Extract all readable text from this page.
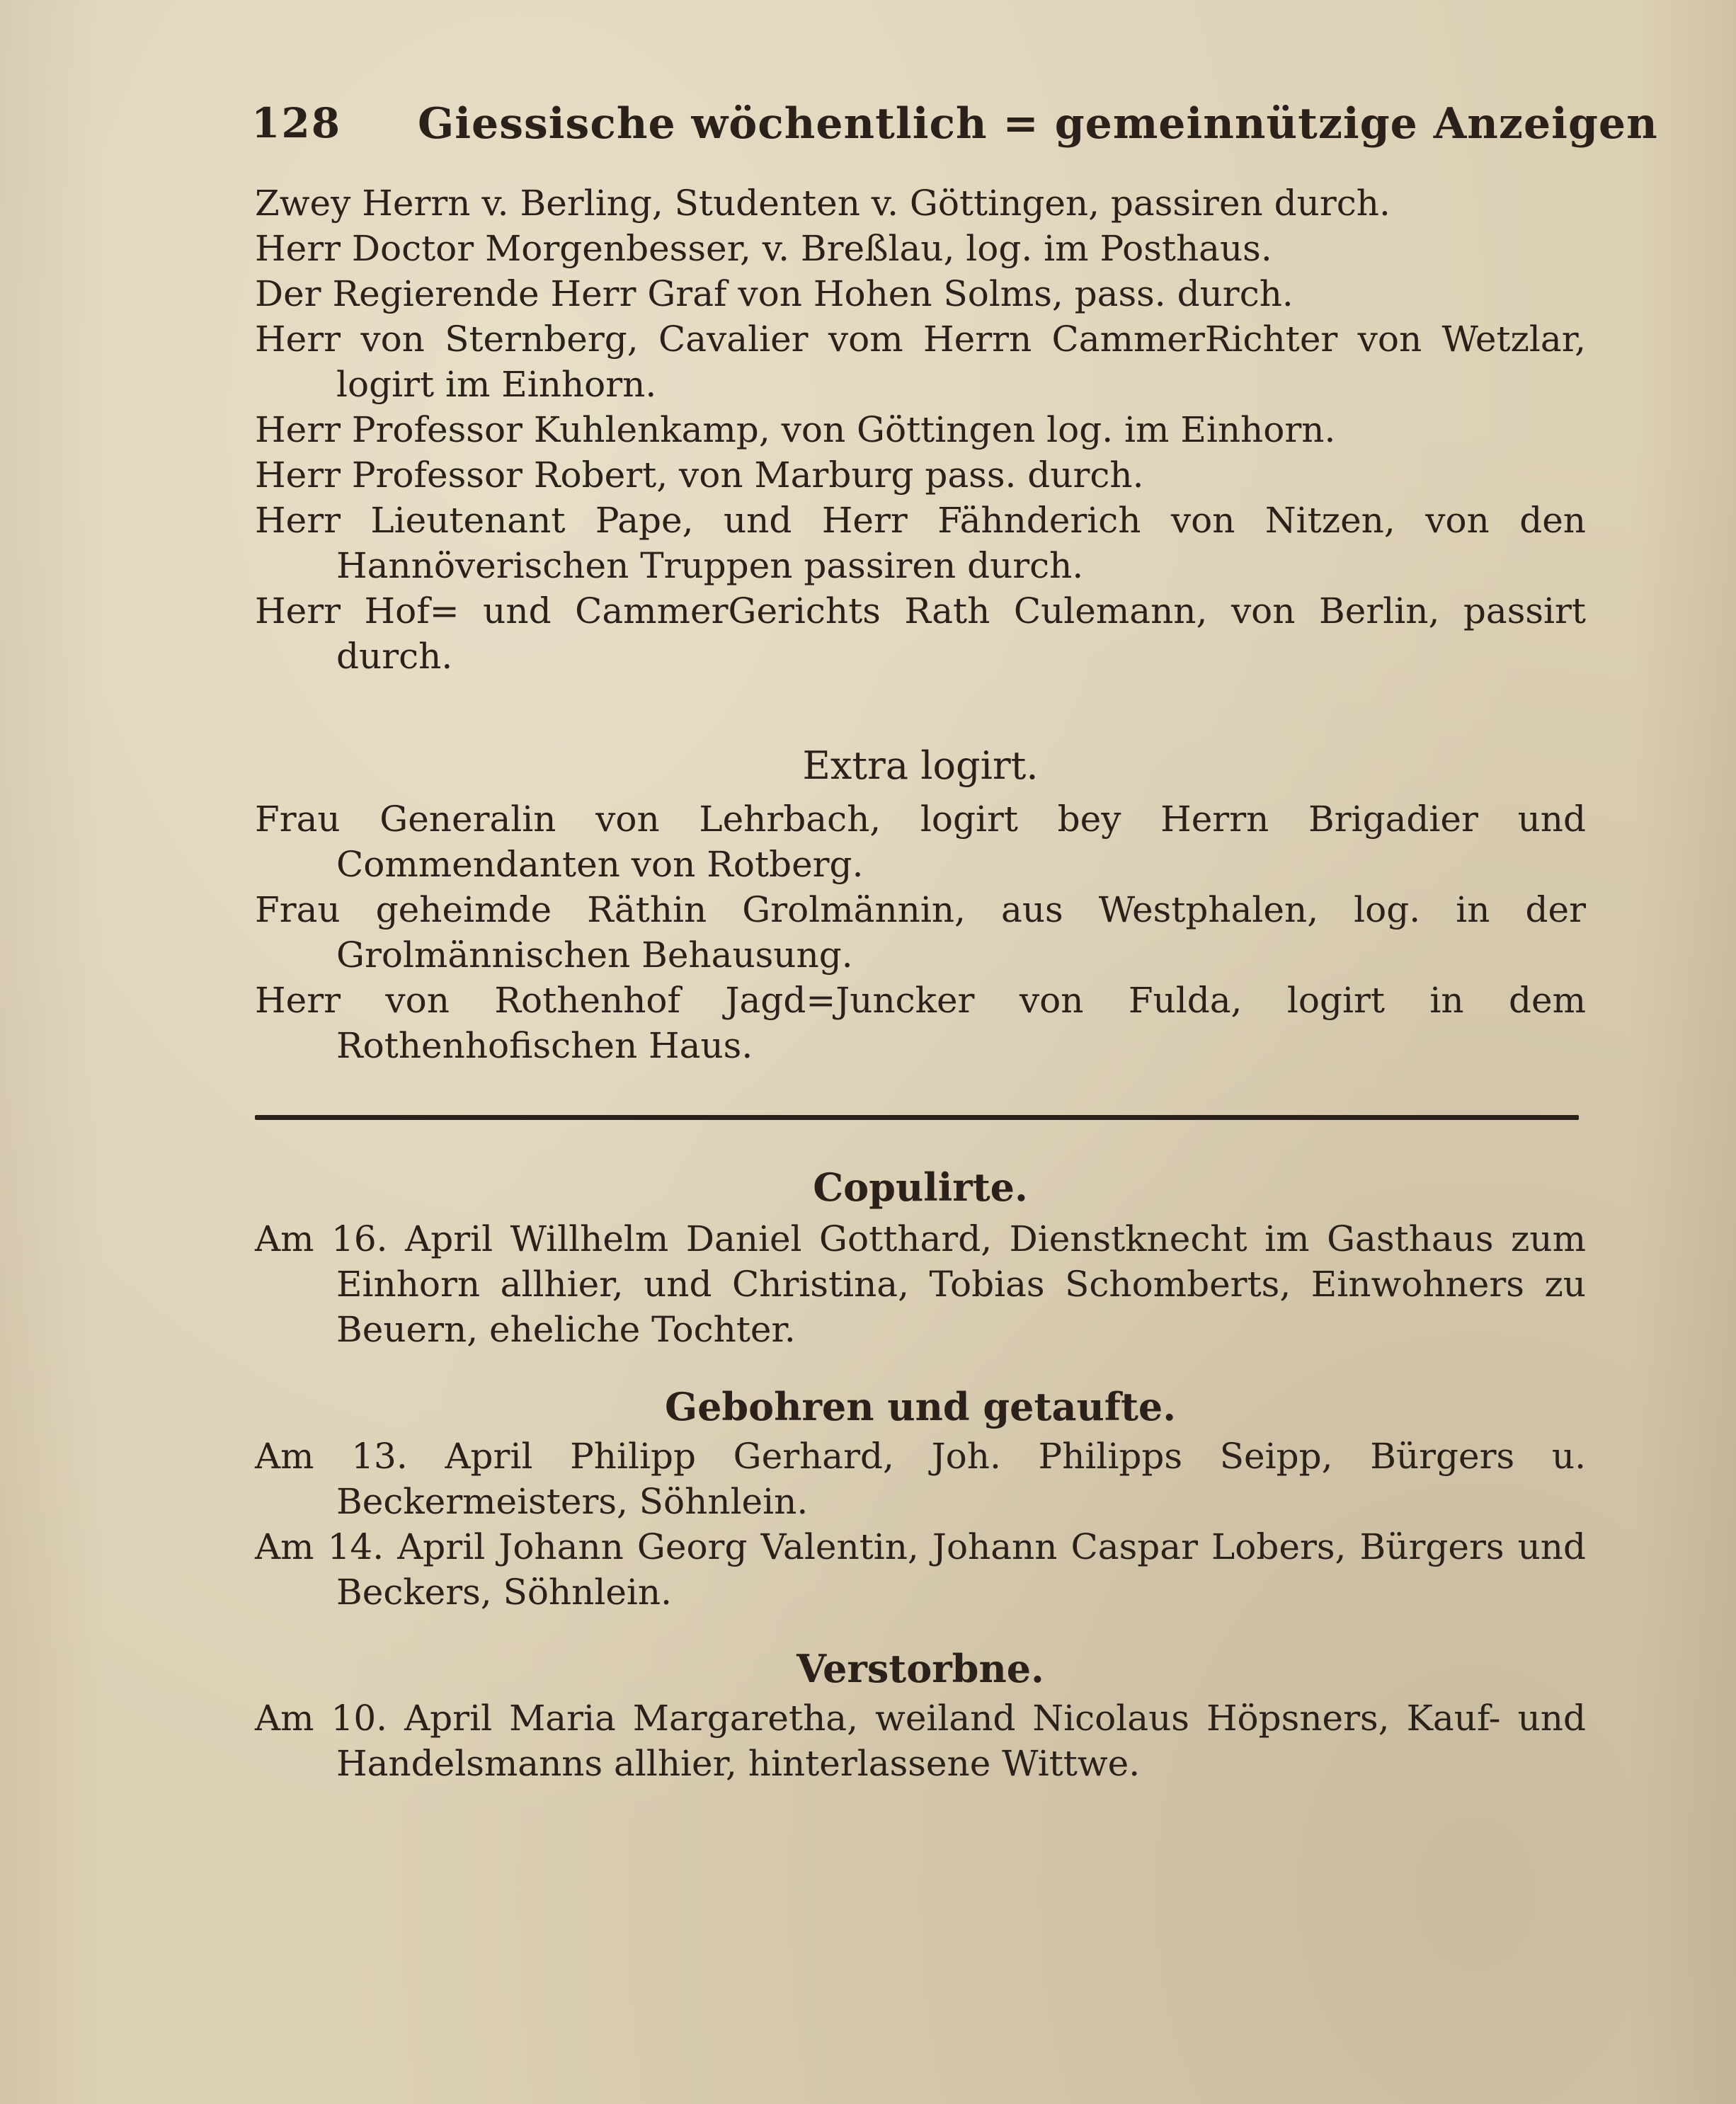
128 Giessische wöchentlich = gemeinnützige Anzeigen
Zwey Herrn v. Berling, Studenten v. Göttingen, passiren durch.
Herr Doctor Morgenbesser, v. Breßlau, log. im Posthaus.
Der Regierende Herr Graf von Hohen Solms, pass. durch.
Herr von Sternberg, Cavalier vom Herrn CammerRichter von Wetzlar, logirt im Einhorn.
Herr Professor Kuhlenkamp, von Göttingen log. im Einhorn.
Herr Professor Robert, von Marburg pass. durch.
Herr Lieutenant Pape, und Herr Fähnderich von Nitzen, von den Hannöverischen Truppen passiren durch.
Herr Hof= und CammerGerichts Rath Culemann, von Berlin, passirt durch.
Extra logirt.
Frau Generalin von Lehrbach, logirt bey Herrn Brigadier und Commendanten von Rotberg.
Frau geheimde Räthin Grolmännin, aus Westphalen, log. in der Grolmännischen Behausung.
Herr von Rothenhof Jagd=Juncker von Fulda, logirt in dem Rothenhofischen Haus.
Copulirte.
Am 16. April Willhelm Daniel Gotthard, Dienstknecht im Gasthaus zum Einhorn allhier, und Christina, Tobias Schomberts, Einwohners zu Beuern, eheliche Tochter.
Gebohren und getaufte.
Am 13. April Philipp Gerhard, Joh. Philipps Seipp, Bürgers u. Beckermeisters, Söhnlein.
Am 14. April Johann Georg Valentin, Johann Caspar Lobers, Bürgers und Beckers, Söhnlein.
Verstorbne.
Am 10. April Maria Margaretha, weiland Nicolaus Höpsners, Kauf- und Handelsmanns allhier, hinterlassene Wittwe.
